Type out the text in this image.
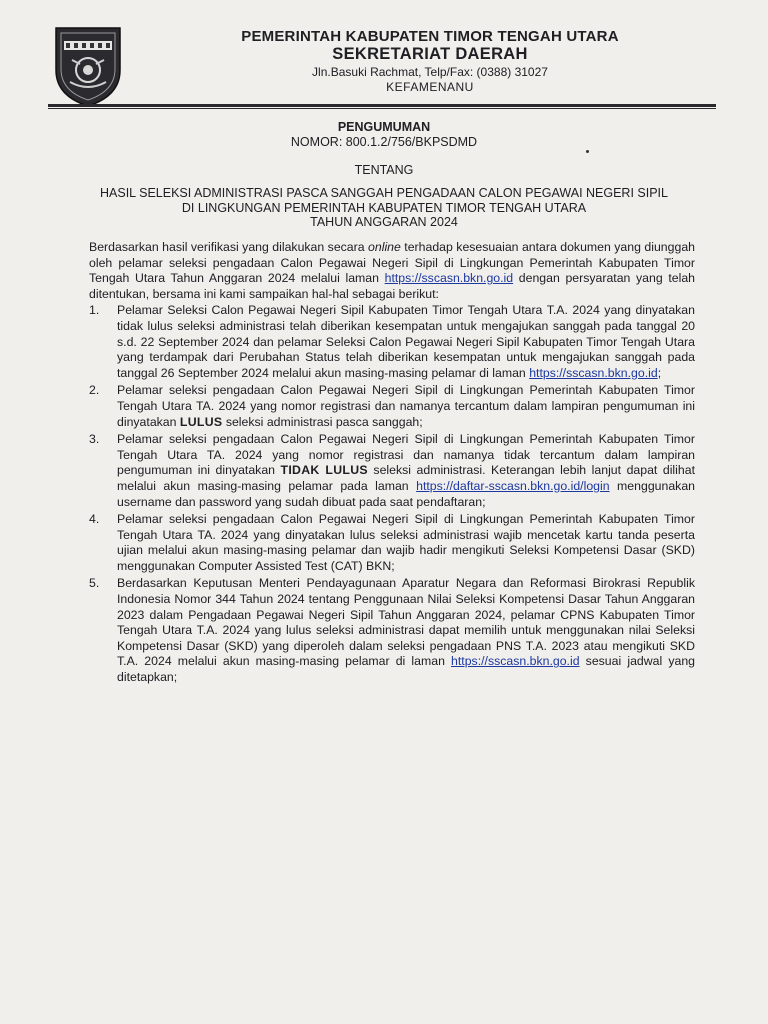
PEMERINTAH KABUPATEN TIMOR TENGAH UTARA
SEKRETARIAT DAERAH
Jln.Basuki Rachmat, Telp/Fax: (0388) 31027
KEFAMENANU
PENGUMUMAN
NOMOR: 800.1.2/756/BKPSDMD
TENTANG
HASIL SELEKSI ADMINISTRASI PASCA SANGGAH PENGADAAN CALON PEGAWAI NEGERI SIPIL
DI LINGKUNGAN PEMERINTAH KABUPATEN TIMOR TENGAH UTARA
TAHUN ANGGARAN 2024

Berdasarkan hasil verifikasi yang dilakukan secara online terhadap kesesuaian antara dokumen yang diunggah oleh pelamar seleksi pengadaan Calon Pegawai Negeri Sipil di Lingkungan Pemerintah Kabupaten Timor Tengah Utara Tahun Anggaran 2024 melalui laman https://sscasn.bkn.go.id dengan persyaratan yang telah ditentukan, bersama ini kami sampaikan hal-hal sebagai berikut:

1.	Pelamar Seleksi Calon Pegawai Negeri Sipil Kabupaten Timor Tengah Utara T.A. 2024 yang dinyatakan tidak lulus seleksi administrasi telah diberikan kesempatan untuk mengajukan sanggah pada tanggal 20 s.d. 22 September 2024 dan pelamar Seleksi Calon Pegawai Negeri Sipil Kabupaten Timor Tengah Utara yang terdampak dari Perubahan Status telah diberikan kesempatan untuk mengajukan sanggah pada tanggal 26 September 2024 melalui akun masing-masing pelamar di laman https://sscasn.bkn.go.id;
2.	Pelamar seleksi pengadaan Calon Pegawai Negeri Sipil di Lingkungan Pemerintah Kabupaten Timor Tengah Utara TA. 2024 yang nomor registrasi dan namanya tercantum dalam lampiran pengumuman ini dinyatakan LULUS seleksi administrasi pasca sanggah;
3.	Pelamar seleksi pengadaan Calon Pegawai Negeri Sipil di Lingkungan Pemerintah Kabupaten Timor Tengah Utara TA. 2024 yang nomor registrasi dan namanya tidak tercantum dalam lampiran pengumuman ini dinyatakan TIDAK LULUS seleksi administrasi. Keterangan lebih lanjut dapat dilihat melalui akun masing-masing pelamar pada laman https://daftar-sscasn.bkn.go.id/login menggunakan username dan password yang sudah dibuat pada saat pendaftaran;
4.	Pelamar seleksi pengadaan Calon Pegawai Negeri Sipil di Lingkungan Pemerintah Kabupaten Timor Tengah Utara TA. 2024 yang dinyatakan lulus seleksi administrasi wajib mencetak kartu tanda peserta ujian melalui akun masing-masing pelamar dan wajib hadir mengikuti Seleksi Kompetensi Dasar (SKD) menggunakan Computer Assisted Test (CAT) BKN;
5.	Berdasarkan Keputusan Menteri Pendayagunaan Aparatur Negara dan Reformasi Birokrasi Republik Indonesia Nomor 344 Tahun 2024 tentang Penggunaan Nilai Seleksi Kompetensi Dasar Tahun Anggaran 2023 dalam Pengadaan Pegawai Negeri Sipil Tahun Anggaran 2024, pelamar CPNS Kabupaten Timor Tengah Utara T.A. 2024 yang lulus seleksi administrasi dapat memilih untuk menggunakan nilai Seleksi Kompetensi Dasar (SKD) yang diperoleh dalam seleksi pengadaan PNS T.A. 2023 atau mengikuti SKD T.A. 2024 melalui akun masing-masing pelamar di laman https://sscasn.bkn.go.id sesuai jadwal yang ditetapkan;
